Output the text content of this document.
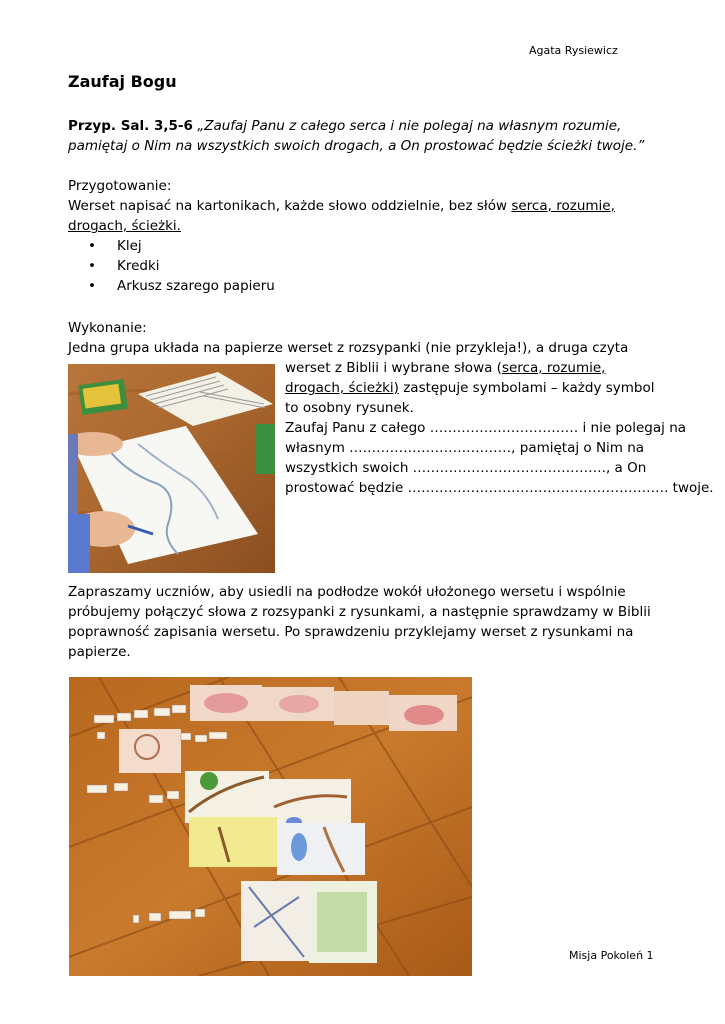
Agata Rysiewicz
Zaufaj Bogu
Przyp. Sal. 3,5-6 „Zaufaj Panu z całego serca i nie polegaj na własnym rozumie, pamiętaj o Nim na wszystkich swoich drogach, a On prostować będzie ścieżki twoje.”
Przygotowanie:
Werset napisać na kartonikach, każde słowo oddzielnie, bez słów serca, rozumie, drogach, ścieżki.
• Klej
• Kredki
• Arkusz szarego papieru
Wykonanie:
Jedna grupa układa na papierze werset z rozsypanki (nie przykleja!), a druga czyta
werset z Biblii i wybrane słowa (serca, rozumie,
drogach, ścieżki) zastępuje symbolami – każdy symbol
to osobny rysunek.
Zaufaj Panu z całego …………………………… i nie polegaj na
własnym ………………………………, pamiętaj o Nim na
wszystkich swoich ……………………………………., a On
prostować będzie …………………………………………………. twoje.
Zapraszamy uczniów, aby usiedli na podłodze wokół ułożonego wersetu i wspólnie próbujemy połączyć słowa z rozsypanki z rysunkami, a następnie sprawdzamy w Biblii poprawność zapisania wersetu. Po sprawdzeniu przyklejamy werset z rysunkami na papierze.
Misja Pokoleń 1
